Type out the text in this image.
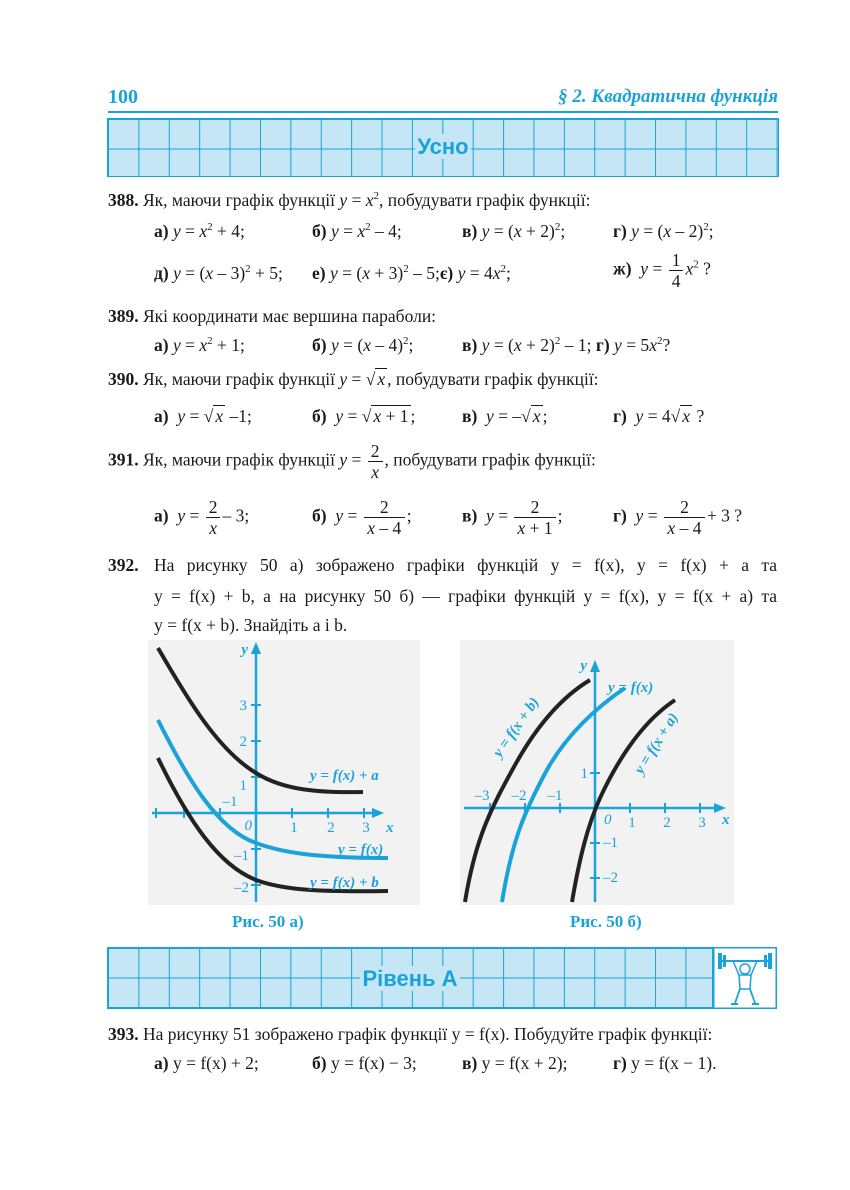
100	§ 2. Квадратична функція
Усно
388. Як, маючи графік функції $y = x^2$, побудувати графік функції:
а) $y = x^2 + 4$;	б) $y = x^2 - 4$;	в) $y = (x + 2)^2$;	г) y = (x – 2)$^2$;
д) y = (x – 3)$^2$ + 5; е) $y = (x + 3)^2$ – 5;є) $y = 4x^2$;	ж) $y = \frac{1}{4} x^2$ ?
389. Які координати має вершина параболи:
а) $y = x^2 + 1$;	б) y = (x – 4)$^2$;	в) $y = (x + 2)^2 - 1$; г) $y = 5x^2$?
390. Як, маючи графік функції y = √ x , побудувати графік функції:
а) y = √ x –1;	б) y = √ x + 1 ;	в) y = –√ x ;	г) y = 4√ x ?
391. Як, маючи графік функції $y = \frac{2}{x}$ , побудувати графік функції:
а) $y = \frac{2}{x} - 3$;	б) $y = \frac{2}{x - 4}$ ;	в) $y = \frac{2}{x + 1}$ ;	г) $y = \frac{2}{x - 4} + 3$ ?
392. На рисунку 50 а) зображено графіки функцій y = f(x), y = f(x) + a та
y = f(x) + b, а на рисунку 50 б) — графіки функцій y = f(x), y = f(x + a) та
y = f(x + b). Знайдіть a і b.
y
x
0
–1
1 2 3
3
2
1
–1
–2
y = f(x) + a
y = f(x)
y = f(x) + b
Рис. 50 а)
y
x
0
–3 –2 –1
1 2 3
1
–1
–2
y = f(x)
y = f(x + b)	y = f(x + a)
Рис. 50 б)
Рівень А
393. На рисунку 51 зображено графік функції y = f(x). Побудуйте графік функції:
а) y = f(x) + 2;	б) y = f(x) − 3;	в) y = f(x + 2);	г) y = f(x − 1).
